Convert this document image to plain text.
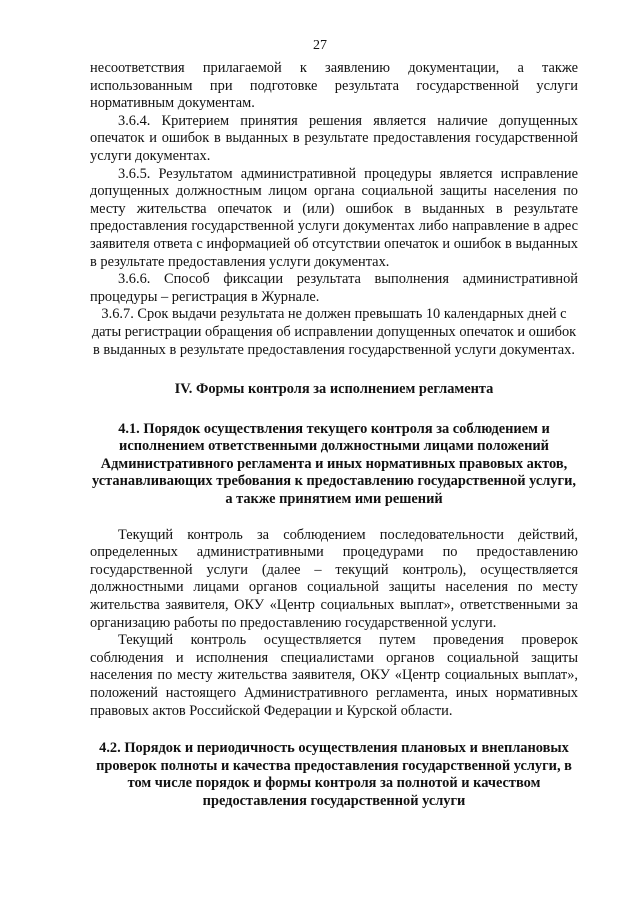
27

несоответствия прилагаемой к заявлению документации, а также использованным при подготовке результата государственной услуги нормативным документам.

3.6.4. Критерием принятия решения является наличие допущенных опечаток и ошибок в выданных в результате предоставления государственной услуги документах.

3.6.5. Результатом административной процедуры является исправление допущенных должностным лицом органа социальной защиты населения по месту жительства опечаток и (или) ошибок в выданных в результате предоставления государственной услуги документах либо направление в адрес заявителя ответа с информацией об отсутствии опечаток и ошибок в выданных в результате предоставления услуги документах.

3.6.6. Способ фиксации результата выполнения административной процедуры – регистрация в Журнале.

3.6.7. Срок выдачи результата не должен превышать 10 календарных дней с даты регистрации обращения об исправлении допущенных опечаток и ошибок в выданных в результате предоставления государственной услуги документах.

IV. Формы контроля за исполнением регламента

4.1. Порядок осуществления текущего контроля за соблюдением и исполнением ответственными должностными лицами положений Административного регламента и иных нормативных правовых актов, устанавливающих требования к предоставлению государственной услуги, а также принятием ими решений

Текущий контроль за соблюдением последовательности действий, определенных административными процедурами по предоставлению государственной услуги (далее – текущий контроль), осуществляется должностными лицами органов социальной защиты населения по месту жительства заявителя, ОКУ «Центр социальных выплат», ответственными за организацию работы по предоставлению государственной услуги.

Текущий контроль осуществляется путем проведения проверок соблюдения и исполнения специалистами органов социальной защиты населения по месту жительства заявителя, ОКУ «Центр социальных выплат», положений настоящего Административного регламента, иных нормативных правовых актов Российской Федерации и Курской области.

4.2. Порядок и периодичность осуществления плановых и внеплановых проверок полноты и качества предоставления государственной услуги, в том числе порядок и формы контроля за полнотой и качеством предоставления государственной услуги
